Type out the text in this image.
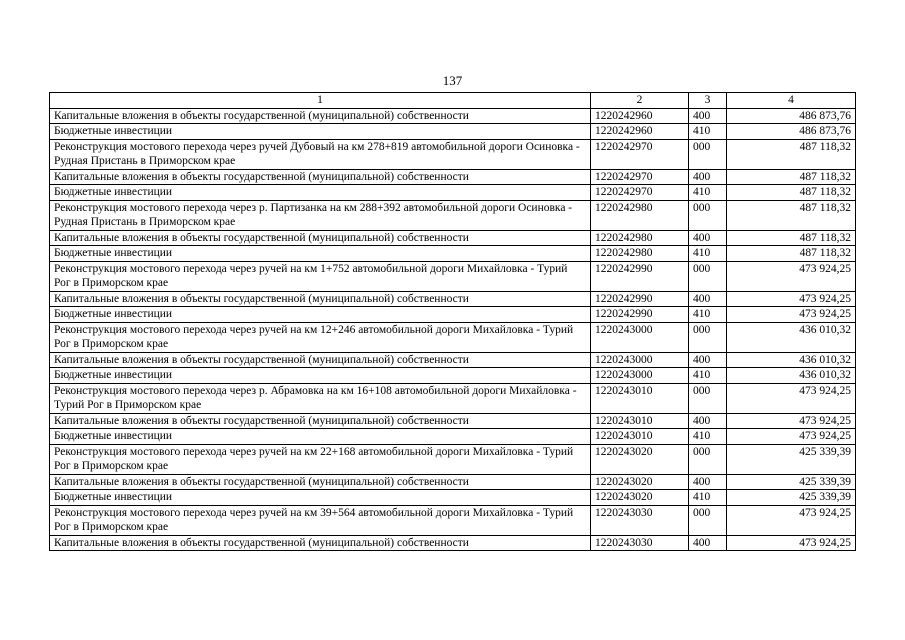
137
1	2	3	4
Капитальные вложения в объекты государственной (муниципальной) собственности	1220242960	400	486 873,76
Бюджетные инвестиции	1220242960	410	486 873,76
Реконструкция мостового перехода через ручей Дубовый на км 278+819 автомобильной дороги Осиновка - Рудная Пристань в Приморском крае	1220242970	000	487 118,32
Капитальные вложения в объекты государственной (муниципальной) собственности	1220242970	400	487 118,32
Бюджетные инвестиции	1220242970	410	487 118,32
Реконструкция мостового перехода через р. Партизанка на км 288+392 автомобильной дороги Осиновка - Рудная Пристань в Приморском крае	1220242980	000	487 118,32
Капитальные вложения в объекты государственной (муниципальной) собственности	1220242980	400	487 118,32
Бюджетные инвестиции	1220242980	410	487 118,32
Реконструкция мостового перехода через ручей на км 1+752 автомобильной дороги Михайловка - Турий Рог в Приморском крае	1220242990	000	473 924,25
Капитальные вложения в объекты государственной (муниципальной) собственности	1220242990	400	473 924,25
Бюджетные инвестиции	1220242990	410	473 924,25
Реконструкция мостового перехода через ручей на км 12+246 автомобильной дороги Михайловка - Турий Рог в Приморском крае	1220243000	000	436 010,32
Капитальные вложения в объекты государственной (муниципальной) собственности	1220243000	400	436 010,32
Бюджетные инвестиции	1220243000	410	436 010,32
Реконструкция мостового перехода через р. Абрамовка на км 16+108 автомобильной дороги Михайловка - Турий Рог в Приморском крае	1220243010	000	473 924,25
Капитальные вложения в объекты государственной (муниципальной) собственности	1220243010	400	473 924,25
Бюджетные инвестиции	1220243010	410	473 924,25
Реконструкция мостового перехода через ручей на км 22+168 автомобильной дороги Михайловка - Турий Рог в Приморском крае	1220243020	000	425 339,39
Капитальные вложения в объекты государственной (муниципальной) собственности	1220243020	400	425 339,39
Бюджетные инвестиции	1220243020	410	425 339,39
Реконструкция мостового перехода через ручей на км 39+564 автомобильной дороги Михайловка - Турий Рог в Приморском крае	1220243030	000	473 924,25
Капитальные вложения в объекты государственной (муниципальной) собственности	1220243030	400	473 924,25
